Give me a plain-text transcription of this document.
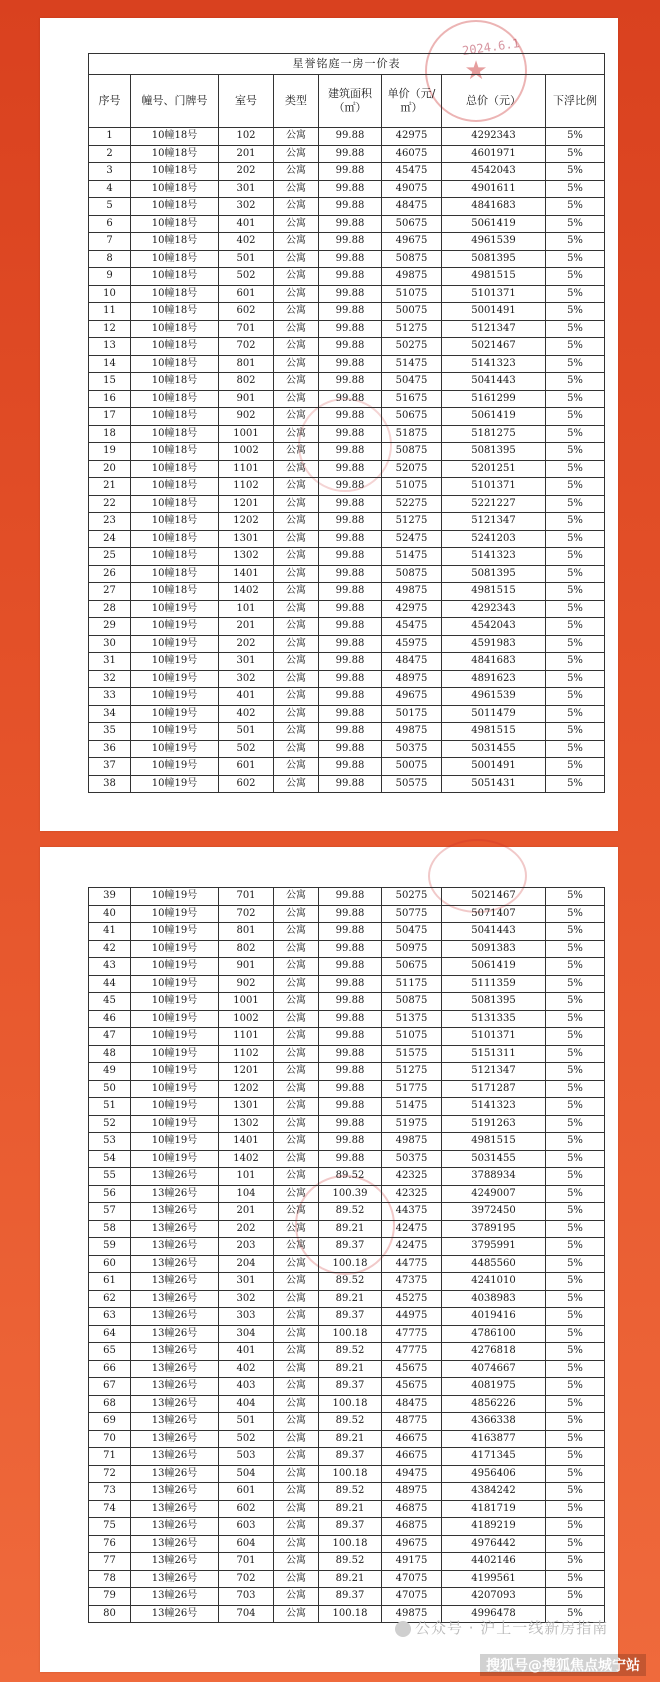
★
2024.6.1
星誉铭庭一房一价表							
序号	幢号、门牌号	室号	类型	建筑面积（㎡）	单价（元/㎡）	总价（元）	下浮比例
1	10幢18号	102	公寓	99.88	42975	4292343	5%
2	10幢18号	201	公寓	99.88	46075	4601971	5%
3	10幢18号	202	公寓	99.88	45475	4542043	5%
4	10幢18号	301	公寓	99.88	49075	4901611	5%
5	10幢18号	302	公寓	99.88	48475	4841683	5%
6	10幢18号	401	公寓	99.88	50675	5061419	5%
7	10幢18号	402	公寓	99.88	49675	4961539	5%
8	10幢18号	501	公寓	99.88	50875	5081395	5%
9	10幢18号	502	公寓	99.88	49875	4981515	5%
10	10幢18号	601	公寓	99.88	51075	5101371	5%
11	10幢18号	602	公寓	99.88	50075	5001491	5%
12	10幢18号	701	公寓	99.88	51275	5121347	5%
13	10幢18号	702	公寓	99.88	50275	5021467	5%
14	10幢18号	801	公寓	99.88	51475	5141323	5%
15	10幢18号	802	公寓	99.88	50475	5041443	5%
16	10幢18号	901	公寓	99.88	51675	5161299	5%
17	10幢18号	902	公寓	99.88	50675	5061419	5%
18	10幢18号	1001	公寓	99.88	51875	5181275	5%
19	10幢18号	1002	公寓	99.88	50875	5081395	5%
20	10幢18号	1101	公寓	99.88	52075	5201251	5%
21	10幢18号	1102	公寓	99.88	51075	5101371	5%
22	10幢18号	1201	公寓	99.88	52275	5221227	5%
23	10幢18号	1202	公寓	99.88	51275	5121347	5%
24	10幢18号	1301	公寓	99.88	52475	5241203	5%
25	10幢18号	1302	公寓	99.88	51475	5141323	5%
26	10幢18号	1401	公寓	99.88	50875	5081395	5%
27	10幢18号	1402	公寓	99.88	49875	4981515	5%
28	10幢19号	101	公寓	99.88	42975	4292343	5%
29	10幢19号	201	公寓	99.88	45475	4542043	5%
30	10幢19号	202	公寓	99.88	45975	4591983	5%
31	10幢19号	301	公寓	99.88	48475	4841683	5%
32	10幢19号	302	公寓	99.88	48975	4891623	5%
33	10幢19号	401	公寓	99.88	49675	4961539	5%
34	10幢19号	402	公寓	99.88	50175	5011479	5%
35	10幢19号	501	公寓	99.88	49875	4981515	5%
36	10幢19号	502	公寓	99.88	50375	5031455	5%
37	10幢19号	601	公寓	99.88	50075	5001491	5%
38	10幢19号	602	公寓	99.88	50575	5051431	5%
39	10幢19号	701	公寓	99.88	50275	5021467	5%
40	10幢19号	702	公寓	99.88	50775	5071407	5%
41	10幢19号	801	公寓	99.88	50475	5041443	5%
42	10幢19号	802	公寓	99.88	50975	5091383	5%
43	10幢19号	901	公寓	99.88	50675	5061419	5%
44	10幢19号	902	公寓	99.88	51175	5111359	5%
45	10幢19号	1001	公寓	99.88	50875	5081395	5%
46	10幢19号	1002	公寓	99.88	51375	5131335	5%
47	10幢19号	1101	公寓	99.88	51075	5101371	5%
48	10幢19号	1102	公寓	99.88	51575	5151311	5%
49	10幢19号	1201	公寓	99.88	51275	5121347	5%
50	10幢19号	1202	公寓	99.88	51775	5171287	5%
51	10幢19号	1301	公寓	99.88	51475	5141323	5%
52	10幢19号	1302	公寓	99.88	51975	5191263	5%
53	10幢19号	1401	公寓	99.88	49875	4981515	5%
54	10幢19号	1402	公寓	99.88	50375	5031455	5%
55	13幢26号	101	公寓	89.52	42325	3788934	5%
56	13幢26号	104	公寓	100.39	42325	4249007	5%
57	13幢26号	201	公寓	89.52	44375	3972450	5%
58	13幢26号	202	公寓	89.21	42475	3789195	5%
59	13幢26号	203	公寓	89.37	42475	3795991	5%
60	13幢26号	204	公寓	100.18	44775	4485560	5%
61	13幢26号	301	公寓	89.52	47375	4241010	5%
62	13幢26号	302	公寓	89.21	45275	4038983	5%
63	13幢26号	303	公寓	89.37	44975	4019416	5%
64	13幢26号	304	公寓	100.18	47775	4786100	5%
65	13幢26号	401	公寓	89.52	47775	4276818	5%
66	13幢26号	402	公寓	89.21	45675	4074667	5%
67	13幢26号	403	公寓	89.37	45675	4081975	5%
68	13幢26号	404	公寓	100.18	48475	4856226	5%
69	13幢26号	501	公寓	89.52	48775	4366338	5%
70	13幢26号	502	公寓	89.21	46675	4163877	5%
71	13幢26号	503	公寓	89.37	46675	4171345	5%
72	13幢26号	504	公寓	100.18	49475	4956406	5%
73	13幢26号	601	公寓	89.52	48975	4384242	5%
74	13幢26号	602	公寓	89.21	46875	4181719	5%
75	13幢26号	603	公寓	89.37	46875	4189219	5%
76	13幢26号	604	公寓	100.18	49675	4976442	5%
77	13幢26号	701	公寓	89.52	49175	4402146	5%
78	13幢26号	702	公寓	89.21	47075	4199561	5%
79	13幢26号	703	公寓	89.37	47075	4207093	5%
80	13幢26号	704	公寓	100.18	49875	4996478	5%
公众号 · 沪上一线新房指南
搜狐号@搜狐焦点城宁站
